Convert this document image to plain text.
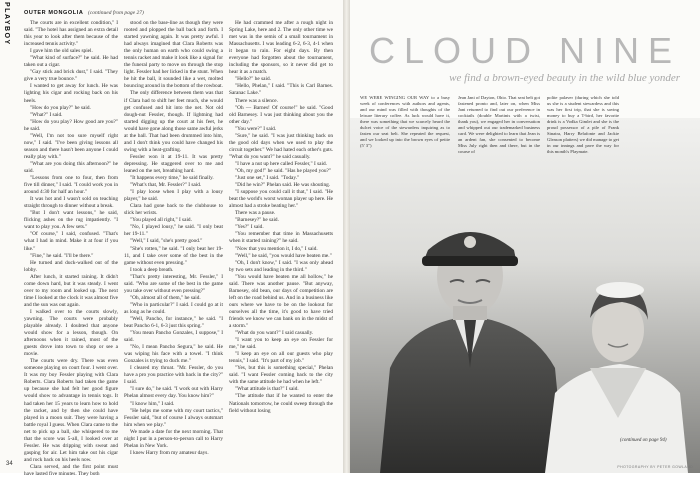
PLAYBOY	OUTER MONGOLIA (continued from page 27)

The courts are in excellent condition," I said. "The hotel has assigned an extra detail this year to look after them because of the increased tennis activity."

I gave him the old sales spiel.

"What kind of surface?" he said. He had taken out a cigar.

"Gay stick and brick dust," I said. "They give a very true bounce."

I wanted to get away for lunch. He was lighting his cigar and rocking back on his heels.

"How do you play?" he said.

"What?" I said.

"How do you play? How good are you?" he said.

"Well, I'm not too sure myself right now," I said. "I've been giving lessons all season and there hasn't been anyone I could really play with."

"What are you doing this afternoon?" he said.

"Lessons from one to four, then from five till dinner," I said. "I could work you in around 4:30 for half an hour."

It was hot and I wasn't sold on teaching straight through to dinner without a break.

"But I don't want lessons," he said, flicking ashes on the rug impatiently. "I want to play you. A few sets."

"Of course," I said, confused. "That's what I had in mind. Make it at four if you like."

"Fine," he said. "I'll be there."

He turned and duck-walked out of the lobby.

After lunch, it started raining. It didn't come down hard, but it was steady. I went over to my room and looked up. The next time I looked at the clock it was almost five and the sun was out again.

I walked over to the courts slowly, yawning. The courts were probably playable already. I doubted that anyone would show for a lesson, though. On afternoons when it rained, most of the guests drove into town to shop or see a movie.

The courts were dry. There was even someone playing on court four. I went over. It was my boy Fessler playing with Clara Roberts. Clara Roberts had taken the game up because she had felt her good figure would show to advantage in tennis togs. It had taken her 15 years to learn how to hold the racket, and by then she could have played in a moon suit. They were having a battle royal I guess. When Clara came to the net to pick up a ball, she whispered to me that the score was 5-all, I looked over at Fessler. He was dripping with sweat and gasping for air. Let him take out his cigar and rock back on his heels now.

Clara served, and the first point must have lasted five minutes. They both

stood on the base-line as though they were rooted and plopped the ball back and forth. I started yawning again. It was pretty awful. I had always imagined that Clara Roberts was the only human on earth who could swing a tennis racket and make it look like a signal for the funeral party to move on through the stop light. Fessler had her licked in the stunt. When he hit the ball, it sounded like a wet, molted bouncing around in the bottom of the rowboat.

The only difference between them was that if Clara had to shift her feet much, she would get confused and hit into the net. Not old dough-nut Fessler, though. If lightning had started digging up the court at his feet, he would have gone along those same awful jerks at the ball. That had been drummed into him, and I don't think you could have changed his swing with a heat-grafting.

Fessler won it at 19-11. It was pretty depressing. He staggered over to me and leaned on the net, breathing hard.

"It happens every time," he said finally.

"What's that, Mr. Fessler?" I said.

"I play loose when I play with a lousy player," he said.

Clara had gone back to the clubhouse to slick her wrists.

"You played all right," I said.

"No, I played lousy," he said. "I only beat her 19-11."

"Well," I said, "she's pretty good."

"She's rotten," he said. "I only beat her 19-11, and I take over some of the best in the game without even pressing."

I took a deep breath.

"That's pretty interesting, Mr. Fessler," I said. "Who are some of the best in the game you take over without even pressing?"

"Oh, almost all of them," he said.

"Who in particular?" I said. I could go at it as long as he could.

"Well, Pancho, for instance," he said. "I beat Pancho 6-1, 6-3 just this spring."

"You mean Pancho Gonzales, I suppose," I said.

"No, I mean Pancho Segura," he said. He was wiping his face with a towel. "I think Gonzales is trying to duck me."

I cleared my throat. "Mr. Fessler, do you have a pro you practice with back in the city?" I said.

"I sure do," he said. "I work out with Harry Phelan almost every day. You know him?"

"I know him," I said.

"He helps me some with my court tactics," Fessler said, "but of course I always outsmart him when we play."

We made a date for the next morning. That night I put in a person-to-person call to Harry Phelan in New York.

I knew Harry from my amateur days.

He had crammed me after a rough night in Spring Lake, here and 2. The only other time we met was in the semis of a small tournament in Massachusetts. I was leading 6-2, 6-3, 4-1 when it began to rain. For eight days. By then everyone had forgotten about the tournament, including the sponsors, so it never did get to hear it as a match.

"Hello?" he said.

"Hello, Phelan," I said. "This is Carl Barnes. Saranac Lake."

There was a silence.

"Oh — Barnes! Of course!" he said. "Good old Barnesey. I was just thinking about you the other day."

"You were?" I said.

"Sure," he said. "I was just thinking back on the good old days when we used to play the circuit together." We had hated each other's guts. "What do you want?" he said casually.

"I have a nut up here called Fessler," I said.

"Oh, my god!" he said. "Has he played you?"

"Just one set," I said. "Today."

"Did he win?" Phelan said. He was shouting.

"I suppose you could call it that," I said. "He beat the world's worst woman player up here. He almost had a stroke beating her."

There was a pause.

"Barnesey?" he said.

"Yes?" I said.

"You remember that time in Massachusetts when it started raining?" he said.

"Now that you mention it, I do," I said.

"Well," he said, "you would have beaten me."

"Oh, I don't know," I said. "I was only ahead by two sets and leading in the third."

"You would have beaten me all hollow," he said. There was another pause. "But anyway, Barnesey, old bean, our days of competition are left on the road behind us. And in a business like ours where we have to be on the lookout for ourselves all the time, it's good to have tried friends we know we can bank on in the midst of a storm."

"What do you want?" I said casually.

"I want you to keep an eye on Fessler for me," he said.

"I keep an eye on all our guests who play tennis," I said. "It's part of my job."

"Yes, but this is something special," Phelan said. "I want Fessler coming back to the city with the same attitude he had when he left."

"What attitude is that?" I said.

"The attitude that if he wanted to enter the Nationals tomorrow, he could sweep through the field without losing

34
CLOUD NINE
we find a brown-eyed beauty in the wild blue yonder

WE WERE WINGING OUR WAY to a busy week of conferences with authors and agents, and our mind was filled with thoughts of the leisure literary coffee. As luck would have it, there was something that we scarcely heard the dulcet voice of the stewardess inquiring as to fasten our seat belt. She repeated the request, and we looked up into the brown eyes of petite (5' 3")

Jean Jani of Dayton, Ohio. That seat belt got fastened pronto and, later on, when Miss Jani returned to find out our preference in cocktails (double Martinis with a twist, thank you), we engaged her in conversation and whipped out our trademarked business card. We were delighted to learn that Jean is an ardent fan, she consented to become Miss July right then and there, but in the course of

polite palaver (during which she told us she is a student stewardess and this was her first trip, that she is saving money to buy a T-bird, her favorite drink is a Vodka Gimlet and she is the proud possessor of a pile of Frank Sinatra, Harry Belafonte and Jackie Gleason platters) we did manage to get in our innings and pave the way for this month's Playmate.

PHOTOGRAPHY BY PETER GOWLAND
(continued on page 94)
